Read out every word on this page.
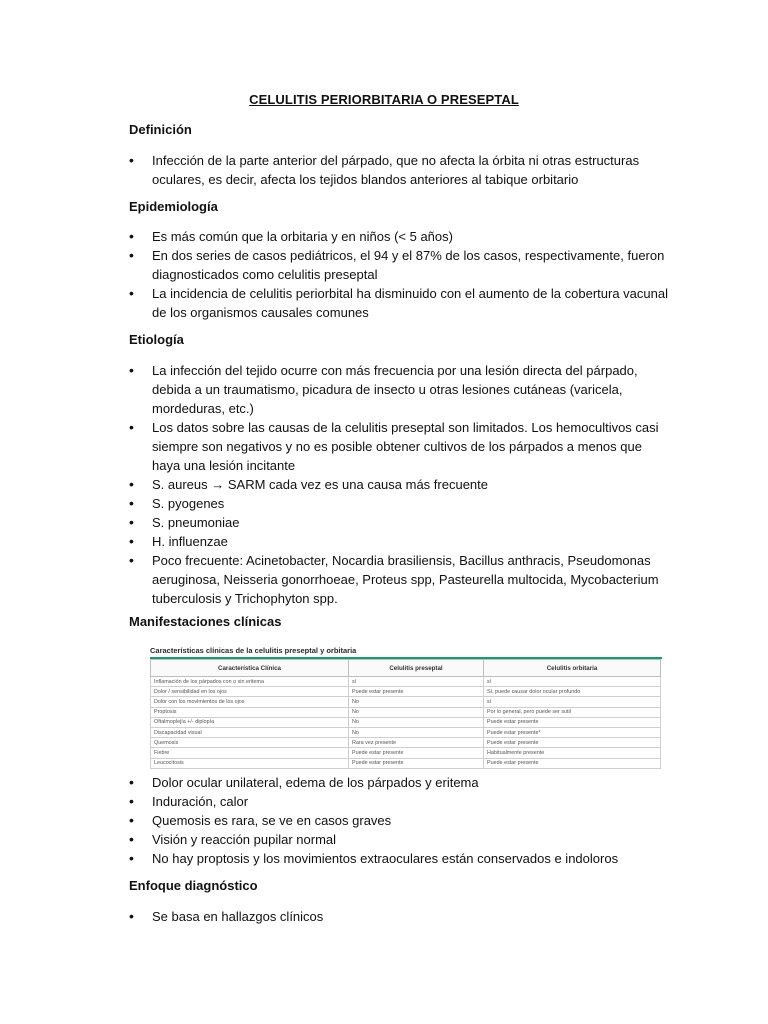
CELULITIS PERIORBITARIA O PRESEPTAL
Definición
• Infección de la parte anterior del párpado, que no afecta la órbita ni otras estructuras oculares, es decir, afecta los tejidos blandos anteriores al tabique orbitario
Epidemiología
• Es más común que la orbitaria y en niños (< 5 años)
• En dos series de casos pediátricos, el 94 y el 87% de los casos, respectivamente, fueron diagnosticados como celulitis preseptal
• La incidencia de celulitis periorbital ha disminuido con el aumento de la cobertura vacunal de los organismos causales comunes
Etiología
• La infección del tejido ocurre con más frecuencia por una lesión directa del párpado, debida a un traumatismo, picadura de insecto u otras lesiones cutáneas (varicela, mordeduras, etc.)
• Los datos sobre las causas de la celulitis preseptal son limitados. Los hemocultivos casi siempre son negativos y no es posible obtener cultivos de los párpados a menos que haya una lesión incitante
• S. aureus → SARM cada vez es una causa más frecuente
• S. pyogenes
• S. pneumoniae
• H. influenzae
• Poco frecuente: Acinetobacter, Nocardia brasiliensis, Bacillus anthracis, Pseudomonas aeruginosa, Neisseria gonorrhoeae, Proteus spp, Pasteurella multocida, Mycobacterium tuberculosis y Trichophyton spp.
Manifestaciones clínicas
Características clínicas de la celulitis preseptal y orbitaria
Característica Clínica	Celulitis preseptal	Celulitis orbitaria
Inflamación de los párpados con o sin eritema	sí	sí
Dolor / sensibilidad en los ojos	Puede estar presente	Sí, puede causar dolor ocular profundo
Dolor con los movimientos de los ojos	No	sí
Proptosis	No	Por lo general, pero puede ser sutil
Oftalmoplejía +/- diplopía	No	Puede estar presente
Discapacidad visual	No	Puede estar presente*
Quemosis	Rara vez presente	Puede estar presente
Fiebre	Puede estar presente	Habitualmente presente
Leucocitosis	Puede estar presente	Puede estar presente
• Dolor ocular unilateral, edema de los párpados y eritema
• Induración, calor
• Quemosis es rara, se ve en casos graves
• Visión y reacción pupilar normal
• No hay proptosis y los movimientos extraoculares están conservados e indoloros
Enfoque diagnóstico
• Se basa en hallazgos clínicos
